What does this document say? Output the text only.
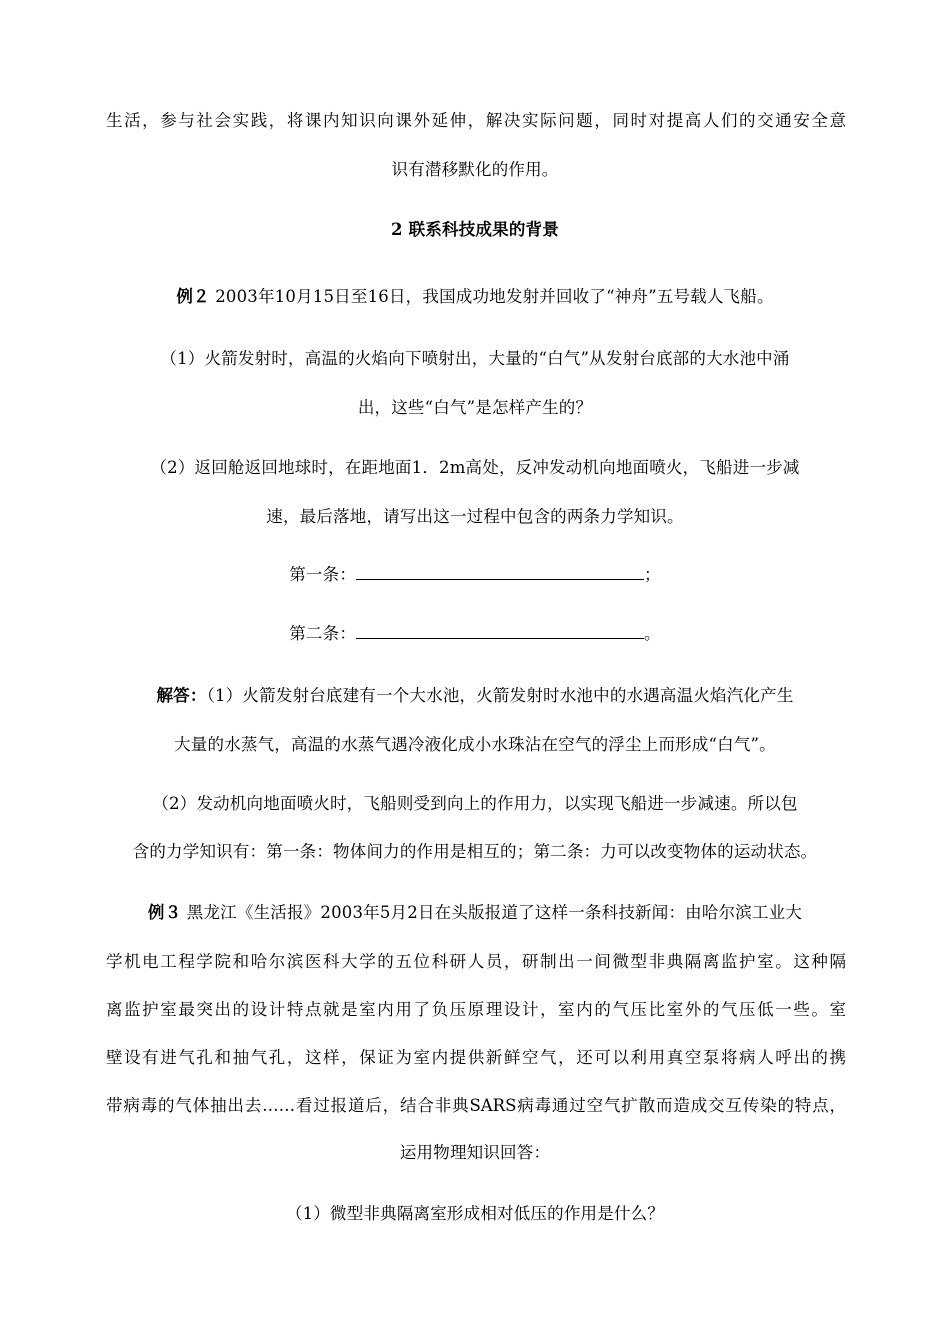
生活，参与社会实践，将课内知识向课外延伸，解决实际问题，同时对提高人们的交通安全意
识有潜移默化的作用。
2 联系科技成果的背景
例２ 2003年10月15日至16日，我国成功地发射并回收了“神舟”五号载人飞船。
（1）火箭发射时，高温的火焰向下喷射出，大量的“白气”从发射台底部的大水池中涌
出，这些“白气”是怎样产生的？
（2）返回舱返回地球时，在距地面1．2m高处，反冲发动机向地面喷火，飞船进一步减
速，最后落地，请写出这一过程中包含的两条力学知识。
第一条：	；
第二条：	。
解答：（1）火箭发射台底建有一个大水池，火箭发射时水池中的水遇高温火焰汽化产生
大量的水蒸气，高温的水蒸气遇冷液化成小水珠沾在空气的浮尘上而形成“白气”。
（2）发动机向地面喷火时，飞船则受到向上的作用力，以实现飞船进一步减速。所以包
含的力学知识有：第一条：物体间力的作用是相互的；第二条：力可以改变物体的运动状态。
例３ 黑龙江《生活报》2003年5月2日在头版报道了这样一条科技新闻：由哈尔滨工业大
学机电工程学院和哈尔滨医科大学的五位科研人员，研制出一间微型非典隔离监护室。这种隔
离监护室最突出的设计特点就是室内用了负压原理设计，室内的气压比室外的气压低一些。室
壁设有进气孔和抽气孔，这样，保证为室内提供新鲜空气，还可以利用真空泵将病人呼出的携
带病毒的气体抽出去……看过报道后，结合非典SARS病毒通过空气扩散而造成交互传染的特点，
运用物理知识回答：
（1）微型非典隔离室形成相对低压的作用是什么？
